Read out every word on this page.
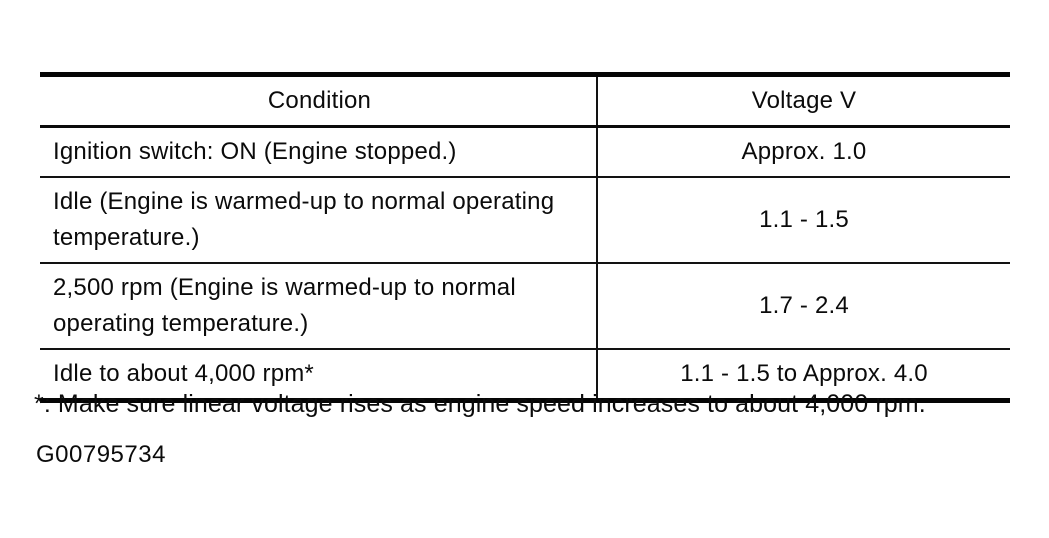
Condition	Voltage V
Ignition switch: ON (Engine stopped.)	Approx. 1.0
Idle (Engine is warmed-up to normal operating temperature.)	1.1 - 1.5
2,500 rpm (Engine is warmed-up to normal operating temperature.)	1.7 - 2.4
Idle to about 4,000 rpm*	1.1 - 1.5 to Approx. 4.0

*: Make sure linear voltage rises as engine speed increases to about 4,000 rpm.

G00795734
